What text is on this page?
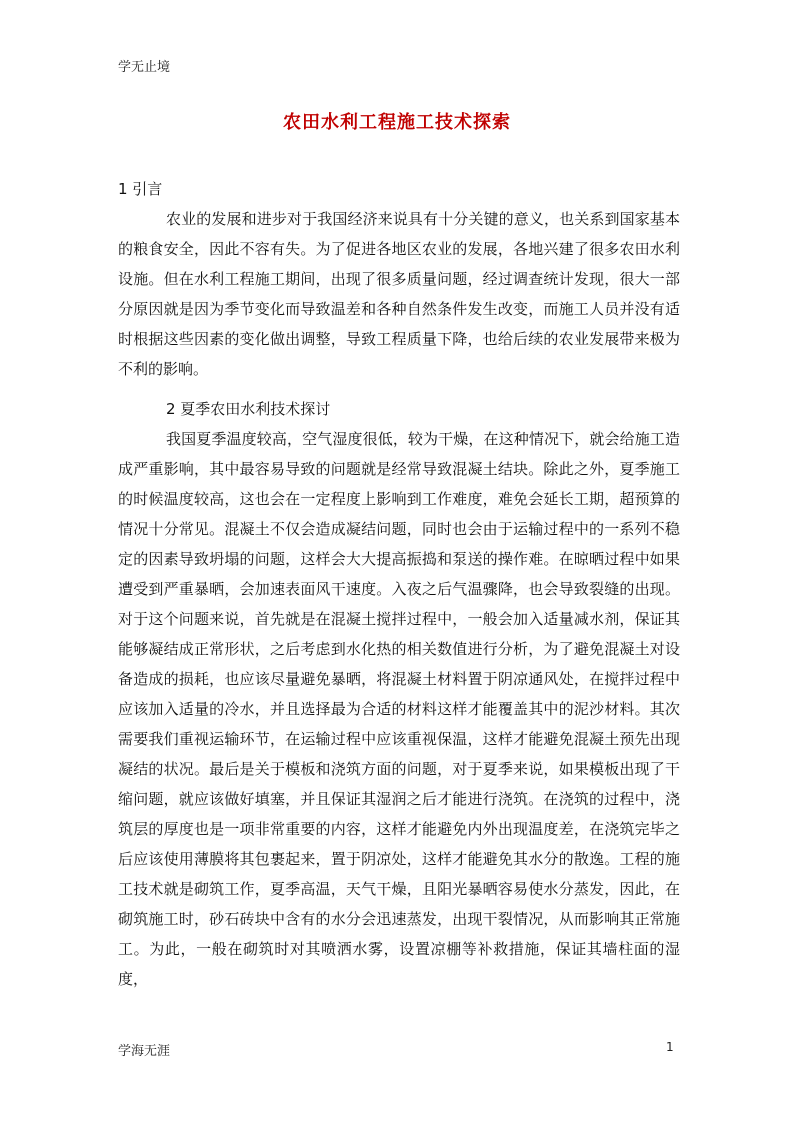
学无止境
农田水利工程施工技术探索
1 引言

农业的发展和进步对于我国经济来说具有十分关键的意义，也关系到国家基本的粮食安全，因此不容有失。为了促进各地区农业的发展，各地兴建了很多农田水利设施。但在水利工程施工期间，出现了很多质量问题，经过调查统计发现，很大一部分原因就是因为季节变化而导致温差和各种自然条件发生改变，而施工人员并没有适时根据这些因素的变化做出调整，导致工程质量下降，也给后续的农业发展带来极为不利的影响。

2 夏季农田水利技术探讨

我国夏季温度较高，空气湿度很低，较为干燥，在这种情况下，就会给施工造成严重影响，其中最容易导致的问题就是经常导致混凝土结块。除此之外，夏季施工的时候温度较高，这也会在一定程度上影响到工作难度，难免会延长工期，超预算的情况十分常见。混凝土不仅会造成凝结问题，同时也会由于运输过程中的一系列不稳定的因素导致坍塌的问题，这样会大大提高振捣和泵送的操作难。在晾晒过程中如果遭受到严重暴晒，会加速表面风干速度。入夜之后气温骤降，也会导致裂缝的出现。对于这个问题来说，首先就是在混凝土搅拌过程中，一般会加入适量减水剂，保证其能够凝结成正常形状，之后考虑到水化热的相关数值进行分析，为了避免混凝土对设备造成的损耗，也应该尽量避免暴晒，将混凝土材料置于阴凉通风处，在搅拌过程中应该加入适量的冷水，并且选择最为合适的材料这样才能覆盖其中的泥沙材料。其次需要我们重视运输环节，在运输过程中应该重视保温，这样才能避免混凝土预先出现凝结的状况。最后是关于模板和浇筑方面的问题，对于夏季来说，如果模板出现了干缩问题，就应该做好填塞，并且保证其湿润之后才能进行浇筑。在浇筑的过程中，浇筑层的厚度也是一项非常重要的内容，这样才能避免内外出现温度差，在浇筑完毕之后应该使用薄膜将其包裹起来，置于阴凉处，这样才能避免其水分的散逸。工程的施工技术就是砌筑工作，夏季高温，天气干燥，且阳光暴晒容易使水分蒸发，因此，在砌筑施工时，砂石砖块中含有的水分会迅速蒸发，出现干裂情况，从而影响其正常施工。为此，一般在砌筑时对其喷洒水雾，设置凉棚等补救措施，保证其墙柱面的湿度，

学海无涯	1
